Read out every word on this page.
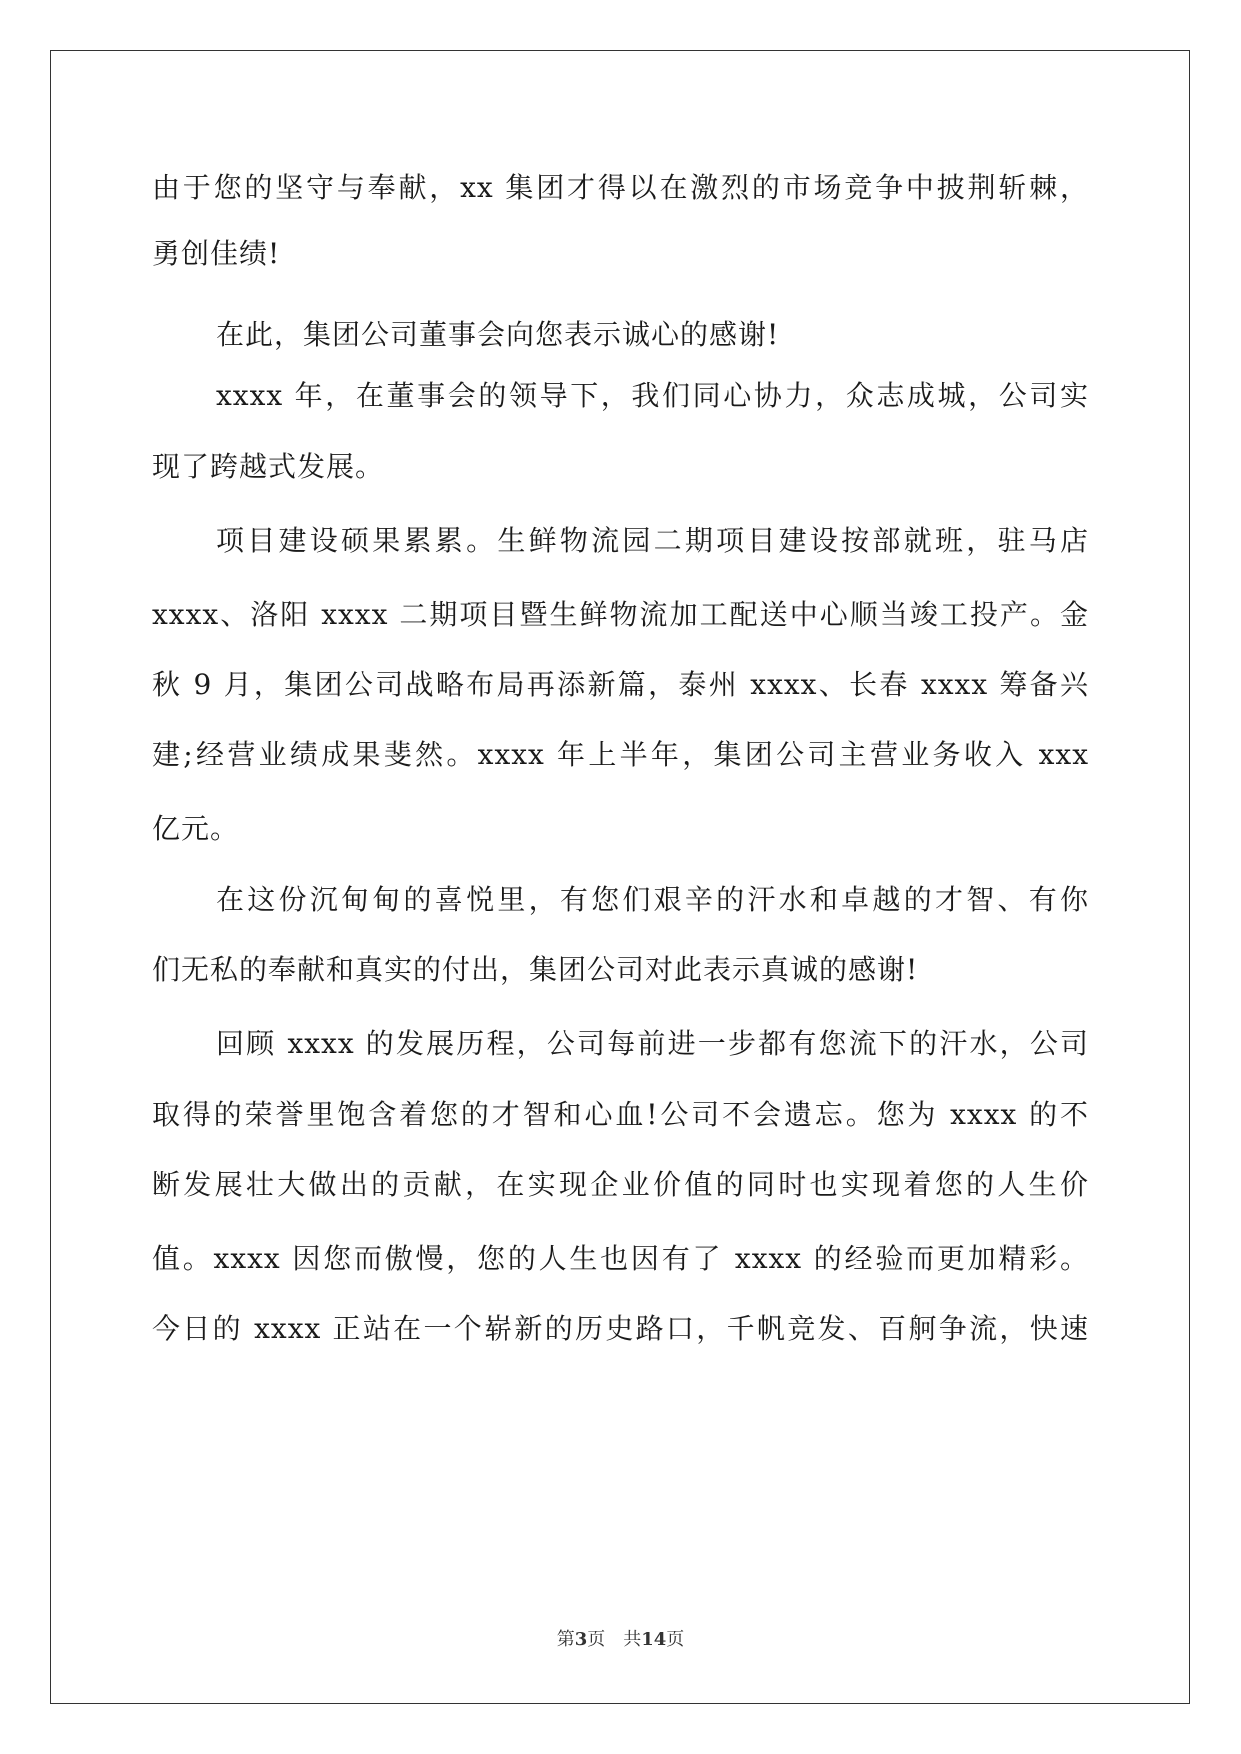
由于您的坚守与奉献，xx 集团才得以在激烈的市场竞争中披荆斩棘，
勇创佳绩!
在此，集团公司董事会向您表示诚心的感谢!
xxxx 年，在董事会的领导下，我们同心协力，众志成城，公司实
现了跨越式发展。
项目建设硕果累累。生鲜物流园二期项目建设按部就班，驻马店
xxxx、洛阳 xxxx 二期项目暨生鲜物流加工配送中心顺当竣工投产。金
秋 9 月，集团公司战略布局再添新篇，泰州 xxxx、长春 xxxx 筹备兴
建;经营业绩成果斐然。xxxx 年上半年，集团公司主营业务收入 xxx
亿元。
在这份沉甸甸的喜悦里，有您们艰辛的汗水和卓越的才智、有你
们无私的奉献和真实的付出，集团公司对此表示真诚的感谢!
回顾 xxxx 的发展历程，公司每前进一步都有您流下的汗水，公司
取得的荣誉里饱含着您的才智和心血!公司不会遗忘。您为 xxxx 的不
断发展壮大做出的贡献，在实现企业价值的同时也实现着您的人生价
值。xxxx 因您而傲慢，您的人生也因有了 xxxx 的经验而更加精彩。
今日的 xxxx 正站在一个崭新的历史路口，千帆竞发、百舸争流，快速
第3页　共14页
